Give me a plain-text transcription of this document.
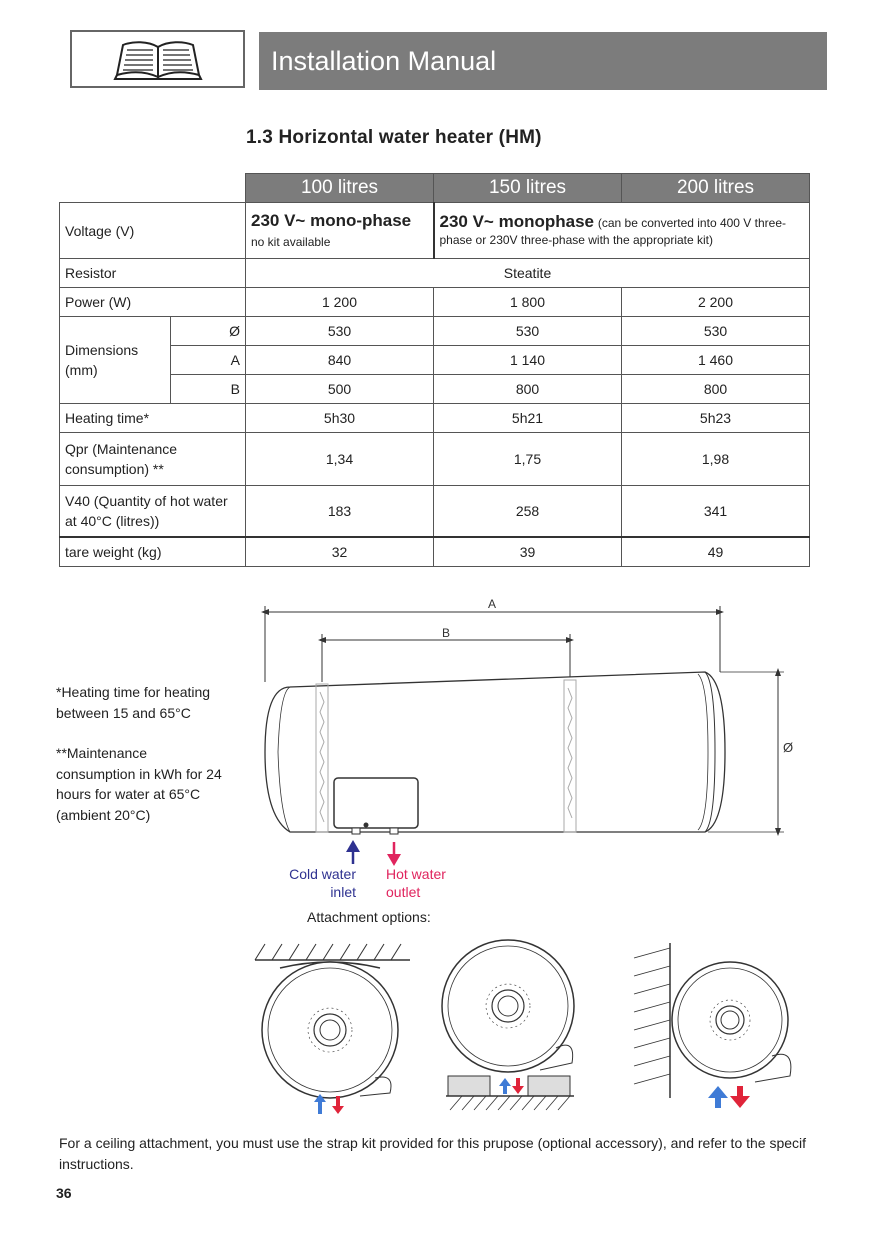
Installation Manual
1.3 Horizontal water heater (HM)
		100 litres	150 litres	200 litres
Voltage (V)		230 V~ mono-phase no kit available	230 V~ monophase (can be converted into 400 V three-phase or 230V three-phase with the appropriate kit)	
Resistor		Steatite		
Power (W)		1 200	1 800	2 200
Dimensions (mm)	Ø	530	530	530
	A	840	1 140	1 460
	B	500	800	800
Heating time*		5h30	5h21	5h23
Qpr (Maintenance consumption) **		1,34	1,75	1,98
V40 (Quantity of hot water at 40°C (litres))		183	258	341
tare weight (kg)		32	39	49

*Heating time for heating between 15 and 65°C

**Maintenance consumption in kWh for 24 hours for water at 65°C (ambient 20°C)

A
B
Ø
Cold water inlet
Hot water outlet
Attachment options:
For a ceiling attachment, you must use the strap kit provided for this prupose (optional accessory), and refer to the specif instructions.
36
